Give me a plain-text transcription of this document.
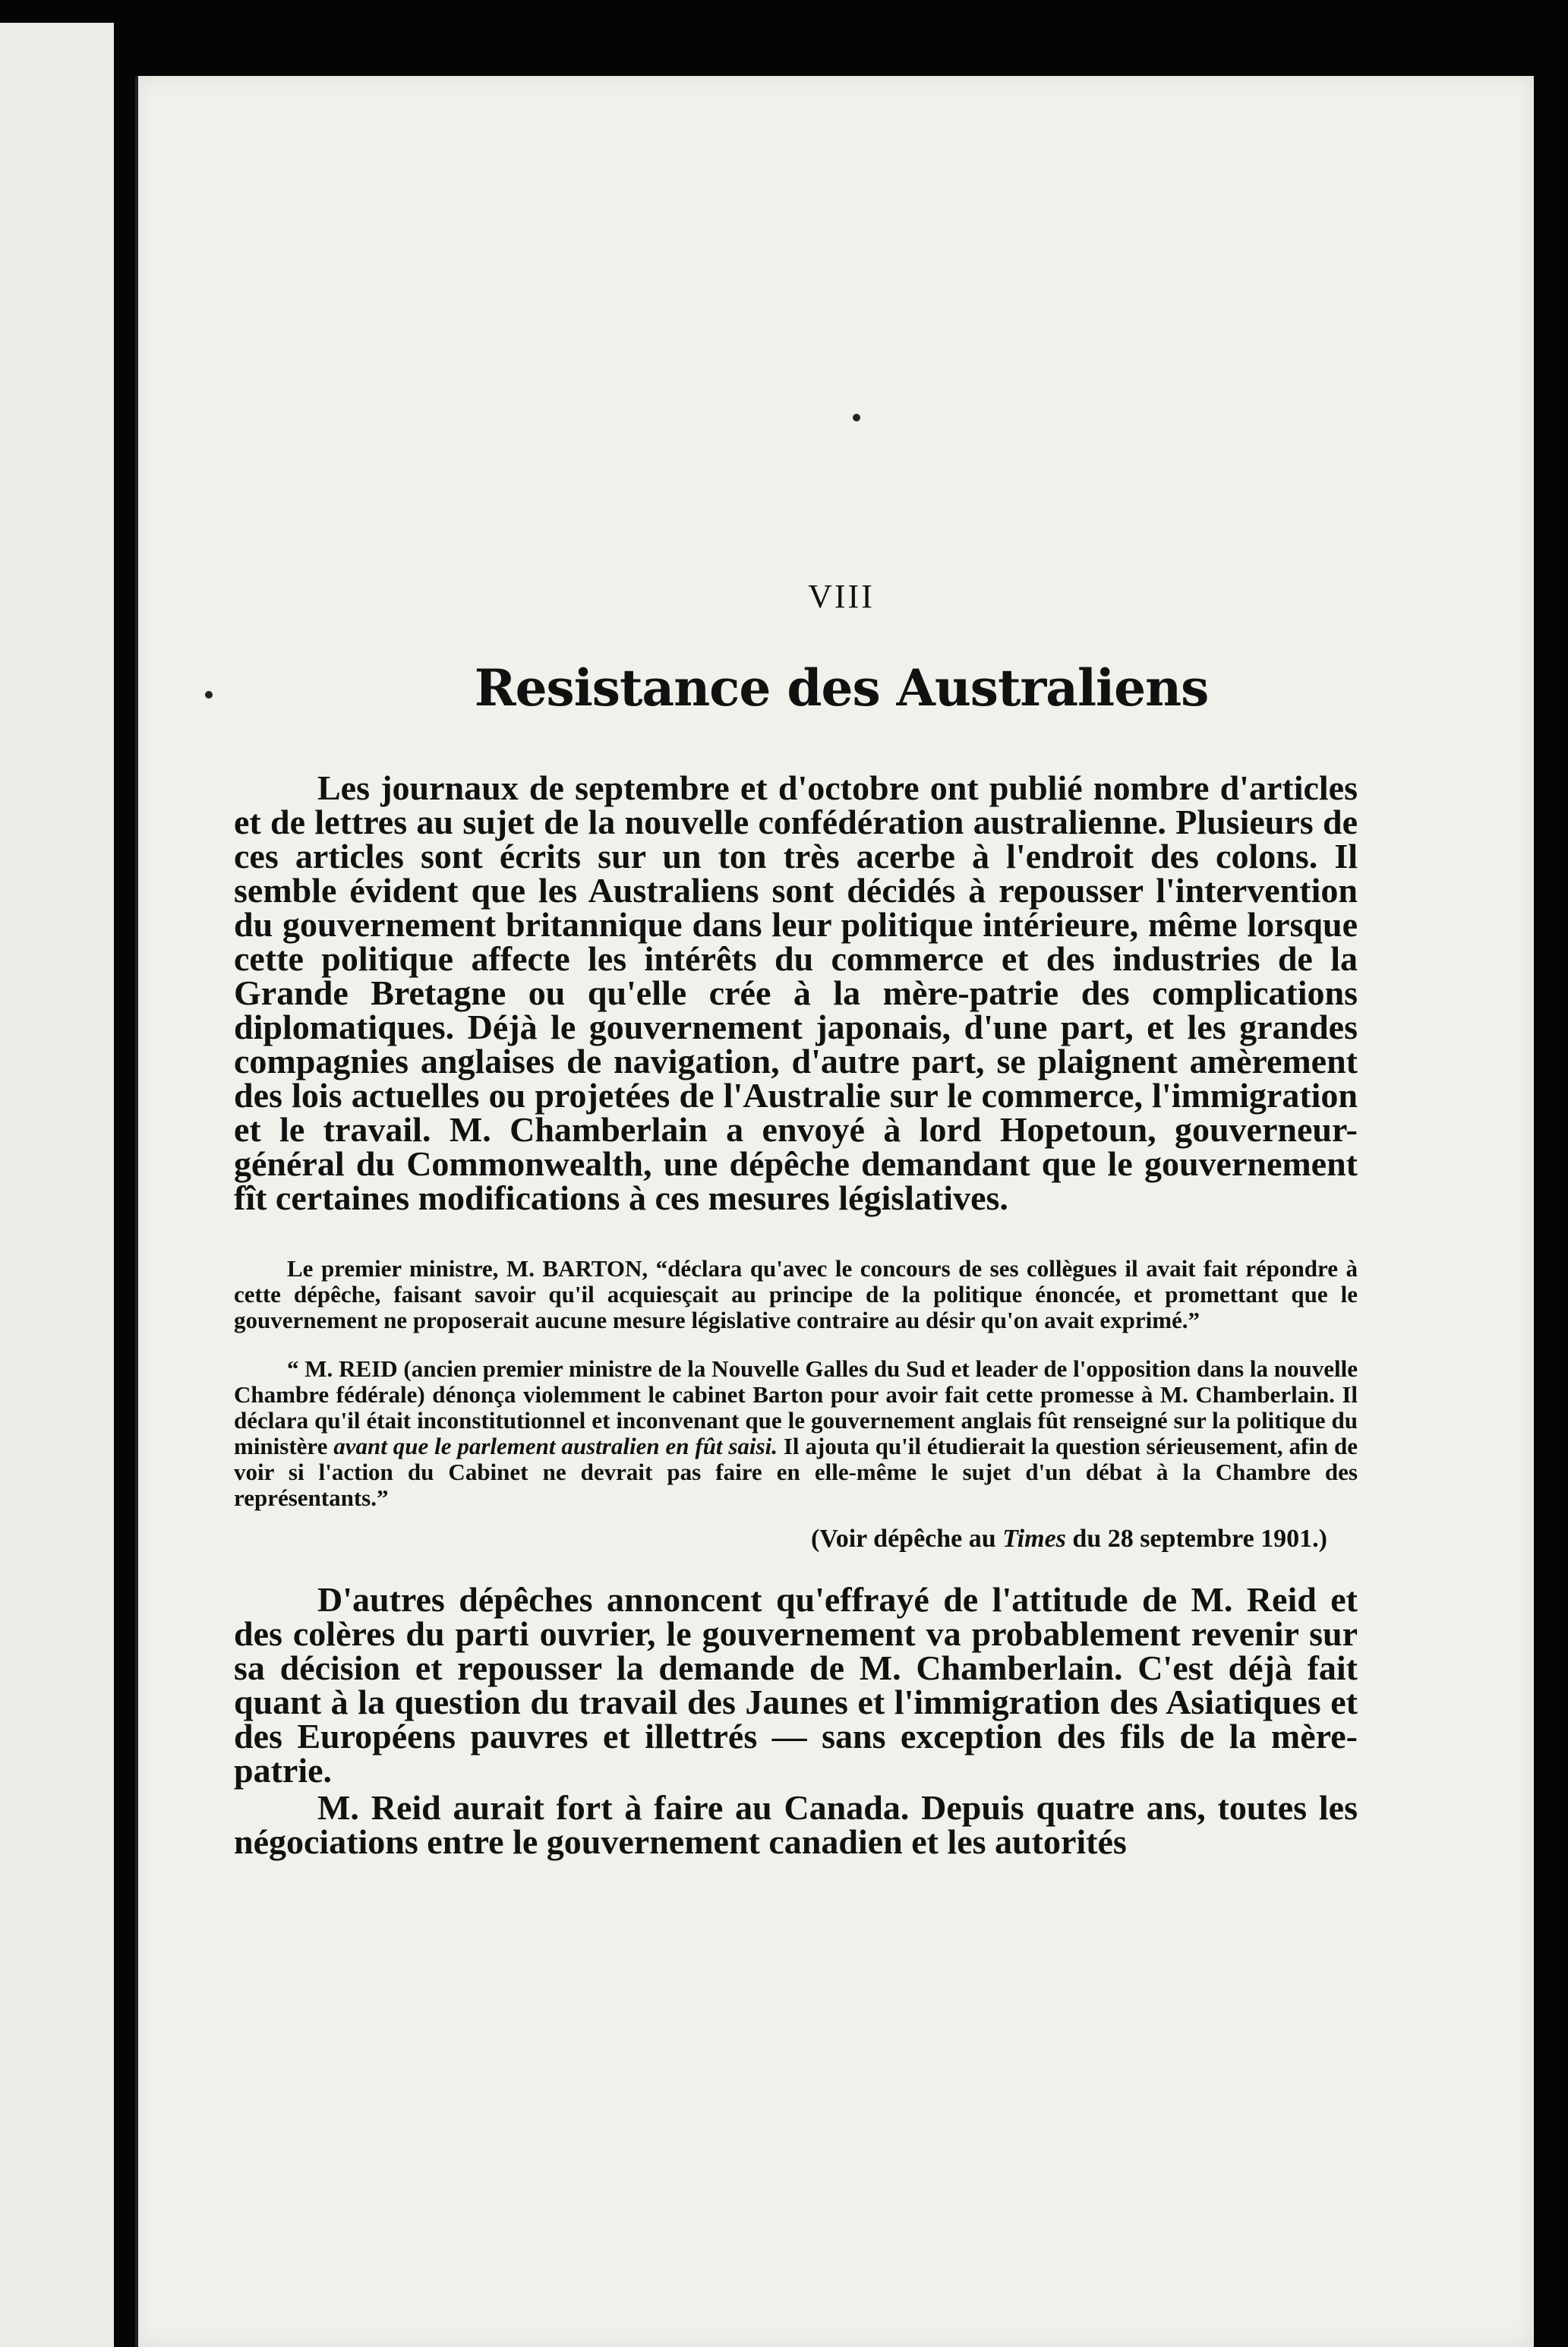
VIII
Resistance des Australiens

Les journaux de septembre et d'octobre ont publié nombre d'articles et de lettres au sujet de la nouvelle confédération australienne. Plusieurs de ces articles sont écrits sur un ton très acerbe à l'endroit des colons. Il semble évident que les Australiens sont décidés à repousser l'intervention du gouvernement britannique dans leur politique intérieure, même lorsque cette politique affecte les intérêts du commerce et des industries de la Grande Bretagne ou qu'elle crée à la mère-patrie des complications diplomatiques. Déjà le gouvernement japonais, d'une part, et les grandes compagnies anglaises de navigation, d'autre part, se plaignent amèrement des lois actuelles ou projetées de l'Australie sur le commerce, l'immigration et le travail. M. Chamberlain a envoyé à lord Hopetoun, gouverneur-général du Commonwealth, une dépêche demandant que le gouvernement fît certaines modifications à ces mesures législatives.

Le premier ministre, M. BARTON, “déclara qu'avec le concours de ses collègues il avait fait répondre à cette dépêche, faisant savoir qu'il acquiesçait au principe de la politique énoncée, et promettant que le gouvernement ne proposerait aucune mesure législative contraire au désir qu'on avait exprimé.”

“ M. REID (ancien premier ministre de la Nouvelle Galles du Sud et leader de l'opposition dans la nouvelle Chambre fédérale) dénonça violemment le cabinet Barton pour avoir fait cette promesse à M. Chamberlain. Il déclara qu'il était inconstitutionnel et inconvenant que le gouvernement anglais fût renseigné sur la politique du ministère avant que le parlement australien en fût saisi. Il ajouta qu'il étudierait la question sérieusement, afin de voir si l'action du Cabinet ne devrait pas faire en elle-même le sujet d'un débat à la Chambre des représentants.”

(Voir dépêche au Times du 28 septembre 1901.)

D'autres dépêches annoncent qu'effrayé de l'attitude de M. Reid et des colères du parti ouvrier, le gouvernement va probablement revenir sur sa décision et repousser la demande de M. Chamberlain. C'est déjà fait quant à la question du travail des Jaunes et l'immigration des Asiatiques et des Européens pauvres et illettrés — sans exception des fils de la mère-patrie.

M. Reid aurait fort à faire au Canada. Depuis quatre ans, toutes les négociations entre le gouvernement canadien et les autorités
